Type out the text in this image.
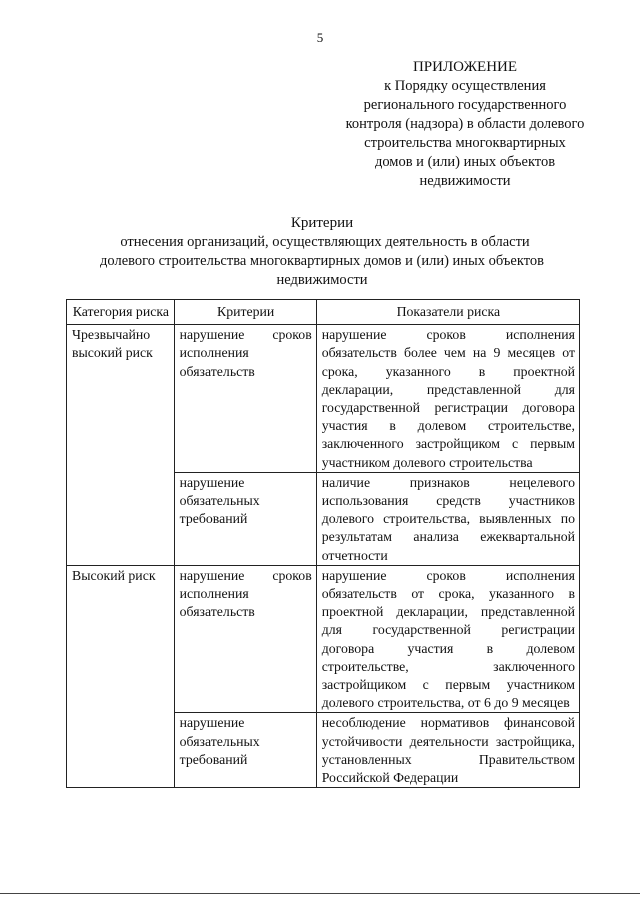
5
ПРИЛОЖЕНИЕ
к Порядку осуществления
регионального государственного
контроля (надзора) в области долевого
строительства многоквартирных
домов и (или) иных объектов
недвижимости
Критерии
отнесения организаций, осуществляющих деятельность в области
долевого строительства многоквартирных домов и (или) иных объектов
недвижимости
Категория риска	Критерии	Показатели риска
Чрезвычайно высокий риск	нарушение сроков исполнения обязательств	нарушение сроков исполнения обязательств более чем на 9 месяцев от срока, указанного в проектной декларации, представленной для государственной регистрации договора участия в долевом строительстве, заключенного застройщиком с первым участником долевого строительства
	нарушение обязательных требований	наличие признаков нецелевого использования средств участников долевого строительства, выявленных по результатам анализа ежеквартальной отчетности
Высокий риск	нарушение сроков исполнения обязательств	нарушение сроков исполнения обязательств от срока, указанного в проектной декларации, представленной для государственной регистрации договора участия в долевом строительстве, заключенного застройщиком с первым участником долевого строительства, от 6 до 9 месяцев
	нарушение обязательных требований	несоблюдение нормативов финансовой устойчивости деятельности застройщика, установленных Правительством Российской Федерации
